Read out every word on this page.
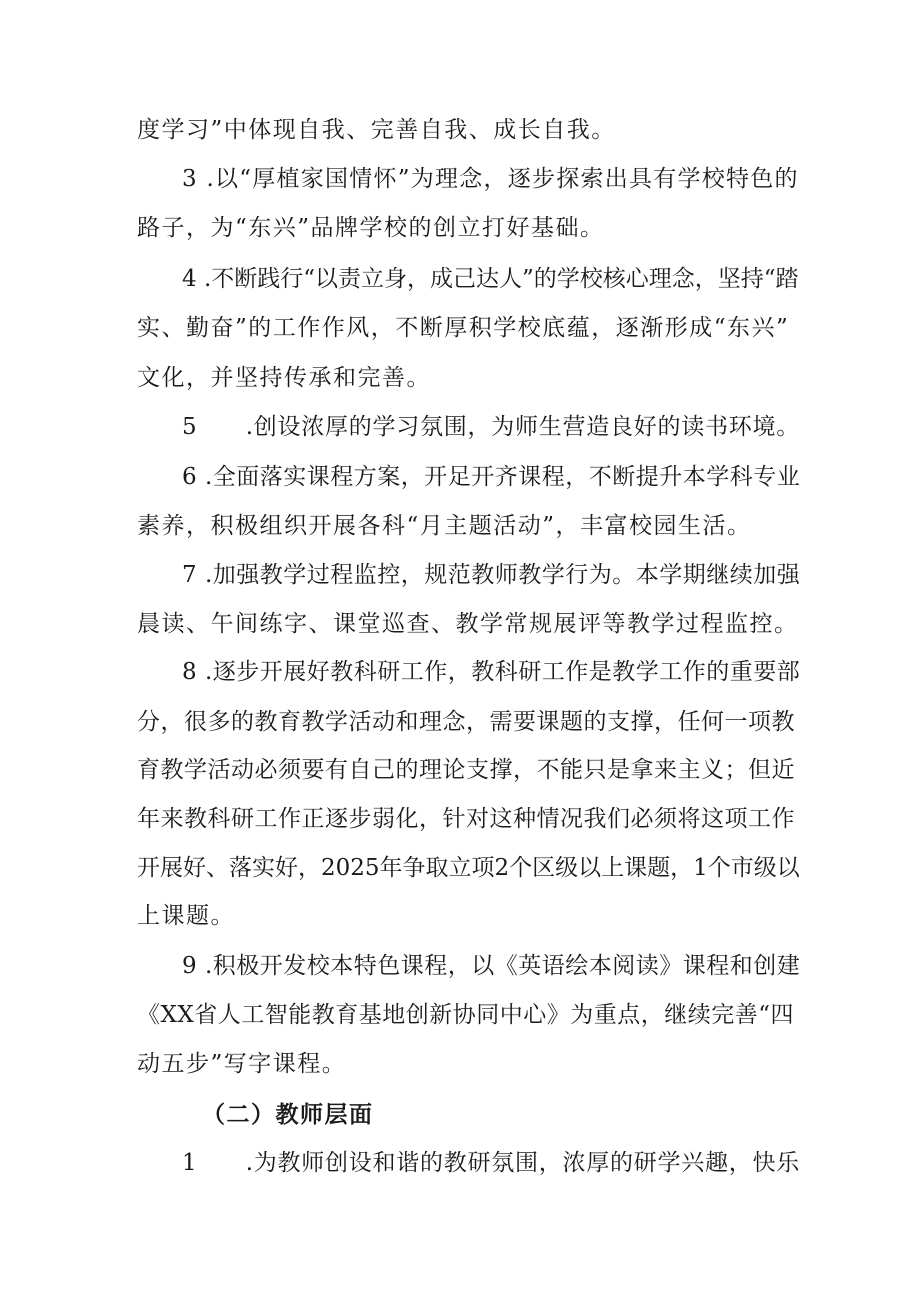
度学习”中体现自我、完善自我、成长自我。
3 .以“厚植家国情怀”为理念，逐步探索出具有学校特色的
路子，为“东兴”品牌学校的创立打好基础。
4 .不断践行“以责立身，成己达人”的学校核心理念，坚持“踏
实、勤奋”的工作作风，不断厚积学校底蕴，逐渐形成“东兴”
文化，并坚持传承和完善。
5      .创设浓厚的学习氛围，为师生营造良好的读书环境。
6 .全面落实课程方案，开足开齐课程，不断提升本学科专业
素养，积极组织开展各科“月主题活动”，丰富校园生活。
7 .加强教学过程监控，规范教师教学行为。本学期继续加强
晨读、午间练字、课堂巡查、教学常规展评等教学过程监控。
8 .逐步开展好教科研工作，教科研工作是教学工作的重要部
分，很多的教育教学活动和理念，需要课题的支撑，任何一项教
育教学活动必须要有自己的理论支撑，不能只是拿来主义；但近
年来教科研工作正逐步弱化，针对这种情况我们必须将这项工作
开展好、落实好，2025年争取立项2个区级以上课题，1个市级以
上课题。
9 .积极开发校本特色课程，以《英语绘本阅读》课程和创建
《XX省人工智能教育基地创新协同中心》为重点，继续完善“四
动五步”写字课程。
（二）教师层面
1      .为教师创设和谐的教研氛围，浓厚的研学兴趣，快乐
